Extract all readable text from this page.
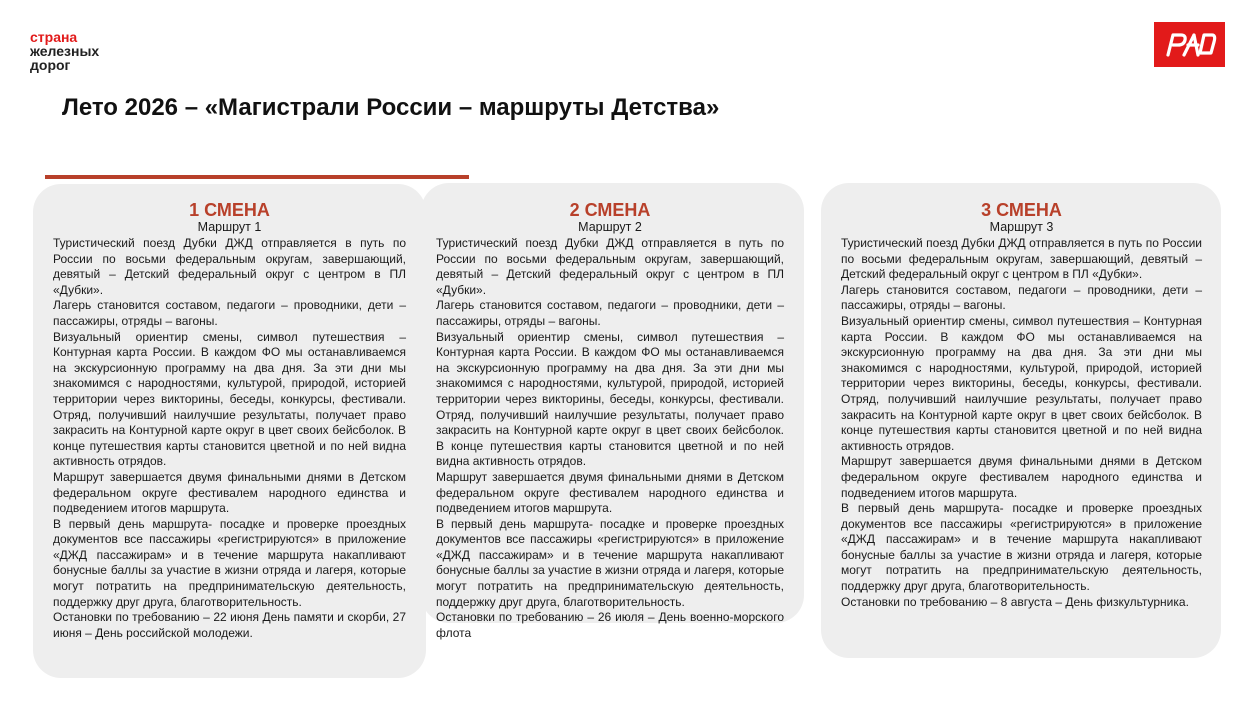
страна
железных
дорог
Лето 2026 – «Магистрали России – маршруты Детства»
1 СМЕНА
Маршрут 1

Туристический поезд Дубки ДЖД отправляется в путь по России по восьми федеральным округам, завершающий, девятый – Детский федеральный округ с центром в ПЛ «Дубки».

Лагерь становится составом, педагоги – проводники, дети – пассажиры, отряды – вагоны.

Визуальный ориентир смены, символ путешествия – Контурная карта России. В каждом ФО мы останавливаемся на экскурсионную программу на два дня. За эти дни мы знакомимся с народностями, культурой, природой, историей территории через викторины, беседы, конкурсы, фестивали. Отряд, получивший наилучшие результаты, получает право закрасить на Контурной карте округ в цвет своих бейсболок. В конце путешествия карты становится цветной и по ней видна активность отрядов.

Маршрут завершается двумя финальными днями в Детском федеральном округе фестивалем народного единства и подведением итогов маршрута.

В первый день маршрута- посадке и проверке проездных документов все пассажиры «регистрируются» в приложение «ДЖД пассажирам» и в течение маршрута накапливают бонусные баллы за участие в жизни отряда и лагеря, которые могут потратить на предпринимательскую деятельность, поддержку друг друга, благотворительность.

Остановки по требованию – 22 июня День памяти и скорби, 27 июня – День российской молодежи.

2 СМЕНА
Маршрут 2

Туристический поезд Дубки ДЖД отправляется в путь по России по восьми федеральным округам, завершающий, девятый – Детский федеральный округ с центром в ПЛ «Дубки».

Лагерь становится составом, педагоги – проводники, дети – пассажиры, отряды – вагоны.

Визуальный ориентир смены, символ путешествия – Контурная карта России. В каждом ФО мы останавливаемся на экскурсионную программу на два дня. За эти дни мы знакомимся с народностями, культурой, природой, историей территории через викторины, беседы, конкурсы, фестивали. Отряд, получивший наилучшие результаты, получает право закрасить на Контурной карте округ в цвет своих бейсболок. В конце путешествия карты становится цветной и по ней видна активность отрядов.

Маршрут завершается двумя финальными днями в Детском федеральном округе фестивалем народного единства и подведением итогов маршрута.

В первый день маршрута- посадке и проверке проездных документов все пассажиры «регистрируются» в приложение «ДЖД пассажирам» и в течение маршрута накапливают бонусные баллы за участие в жизни отряда и лагеря, которые могут потратить на предпринимательскую деятельность, поддержку друг друга, благотворительность.

Остановки по требованию – 26 июля – День военно-морского флота

3 СМЕНА
Маршрут 3

Туристический поезд Дубки ДЖД отправляется в путь по России по восьми федеральным округам, завершающий, девятый – Детский федеральный округ с центром в ПЛ «Дубки».

Лагерь становится составом, педагоги – проводники, дети – пассажиры, отряды – вагоны.

Визуальный ориентир смены, символ путешествия – Контурная карта России. В каждом ФО мы останавливаемся на экскурсионную программу на два дня. За эти дни мы знакомимся с народностями, культурой, природой, историей территории через викторины, беседы, конкурсы, фестивали. Отряд, получивший наилучшие результаты, получает право закрасить на Контурной карте округ в цвет своих бейсболок. В конце путешествия карты становится цветной и по ней видна активность отрядов.

Маршрут завершается двумя финальными днями в Детском федеральном округе фестивалем народного единства и подведением итогов маршрута.

В первый день маршрута- посадке и проверке проездных документов все пассажиры «регистрируются» в приложение «ДЖД пассажирам» и в течение маршрута накапливают бонусные баллы за участие в жизни отряда и лагеря, которые могут потратить на предпринимательскую деятельность, поддержку друг друга, благотворительность.

Остановки по требованию – 8 августа – День физкультурника.
